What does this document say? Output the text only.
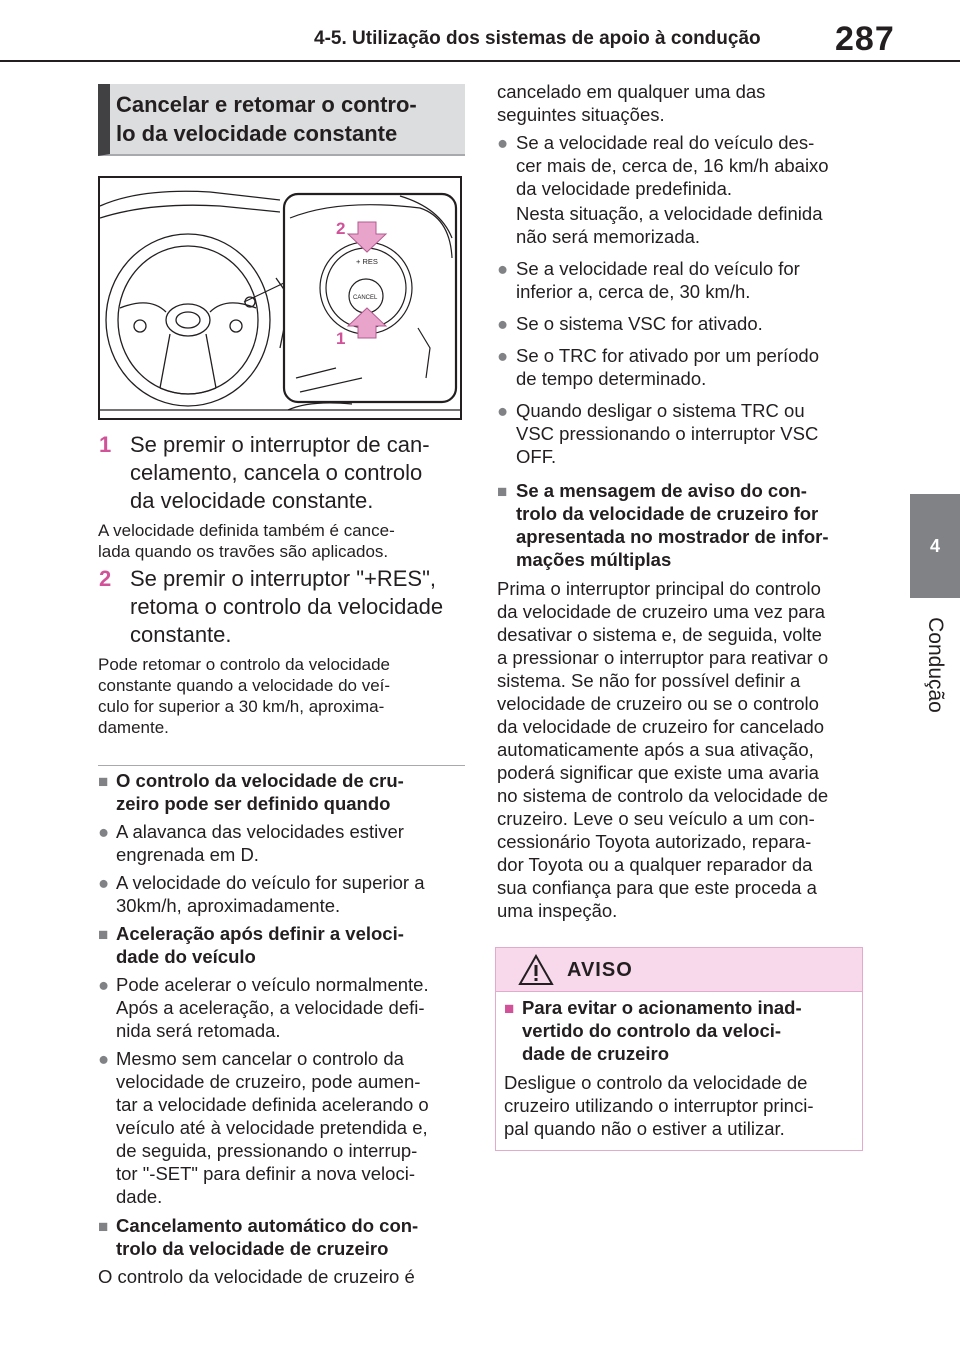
4-5. Utilização dos sistemas de apoio à condução 287
4
Condução
Cancelar e retomar o contro-
lo da velocidade constante
+ RES
CANCEL
2
1
1 Se premir o interruptor de can-
celamento, cancela o controlo
da velocidade constante.
A velocidade definida também é cance-
lada quando os travões são aplicados.
2 Se premir o interruptor "+RES",
retoma o controlo da velocidade
constante.
Pode retomar o controlo da velocidade
constante quando a velocidade do veí-
culo for superior a 30 km/h, aproxima-
damente.
■ O controlo da velocidade de cru-
zeiro pode ser definido quando
● A alavanca das velocidades estiver
engrenada em D.
● A velocidade do veículo for superior a
30km/h, aproximadamente.
■ Aceleração após definir a veloci-
dade do veículo
● Pode acelerar o veículo normalmente.
Após a aceleração, a velocidade defi-
nida será retomada.
● Mesmo sem cancelar o controlo da
velocidade de cruzeiro, pode aumen-
tar a velocidade definida acelerando o
veículo até à velocidade pretendida e,
de seguida, pressionando o interrup-
tor "-SET" para definir a nova veloci-
dade.
■ Cancelamento automático do con-
trolo da velocidade de cruzeiro
O controlo da velocidade de cruzeiro é
cancelado em qualquer uma das
seguintes situações.
● Se a velocidade real do veículo des-
cer mais de, cerca de, 16 km/h abaixo
da velocidade predefinida.
Nesta situação, a velocidade definida
não será memorizada.
● Se a velocidade real do veículo for
inferior a, cerca de, 30 km/h.
● Se o sistema VSC for ativado.
● Se o TRC for ativado por um período
de tempo determinado.
● Quando desligar o sistema TRC ou
VSC pressionando o interruptor VSC
OFF.
■ Se a mensagem de aviso do con-
trolo da velocidade de cruzeiro for
apresentada no mostrador de infor-
mações múltiplas
Prima o interruptor principal do controlo
da velocidade de cruzeiro uma vez para
desativar o sistema e, de seguida, volte
a pressionar o interruptor para reativar o
sistema. Se não for possível definir a
velocidade de cruzeiro ou se o controlo
da velocidade de cruzeiro for cancelado
automaticamente após a sua ativação,
poderá significar que existe uma avaria
no sistema de controlo da velocidade de
cruzeiro. Leve o seu veículo a um con-
cessionário Toyota autorizado, repara-
dor Toyota ou a qualquer reparador da
sua confiança para que este proceda a
uma inspeção.
AVISO
■ Para evitar o acionamento inad-
vertido do controlo da veloci-
dade de cruzeiro
Desligue o controlo da velocidade de
cruzeiro utilizando o interruptor princi-
pal quando não o estiver a utilizar.
